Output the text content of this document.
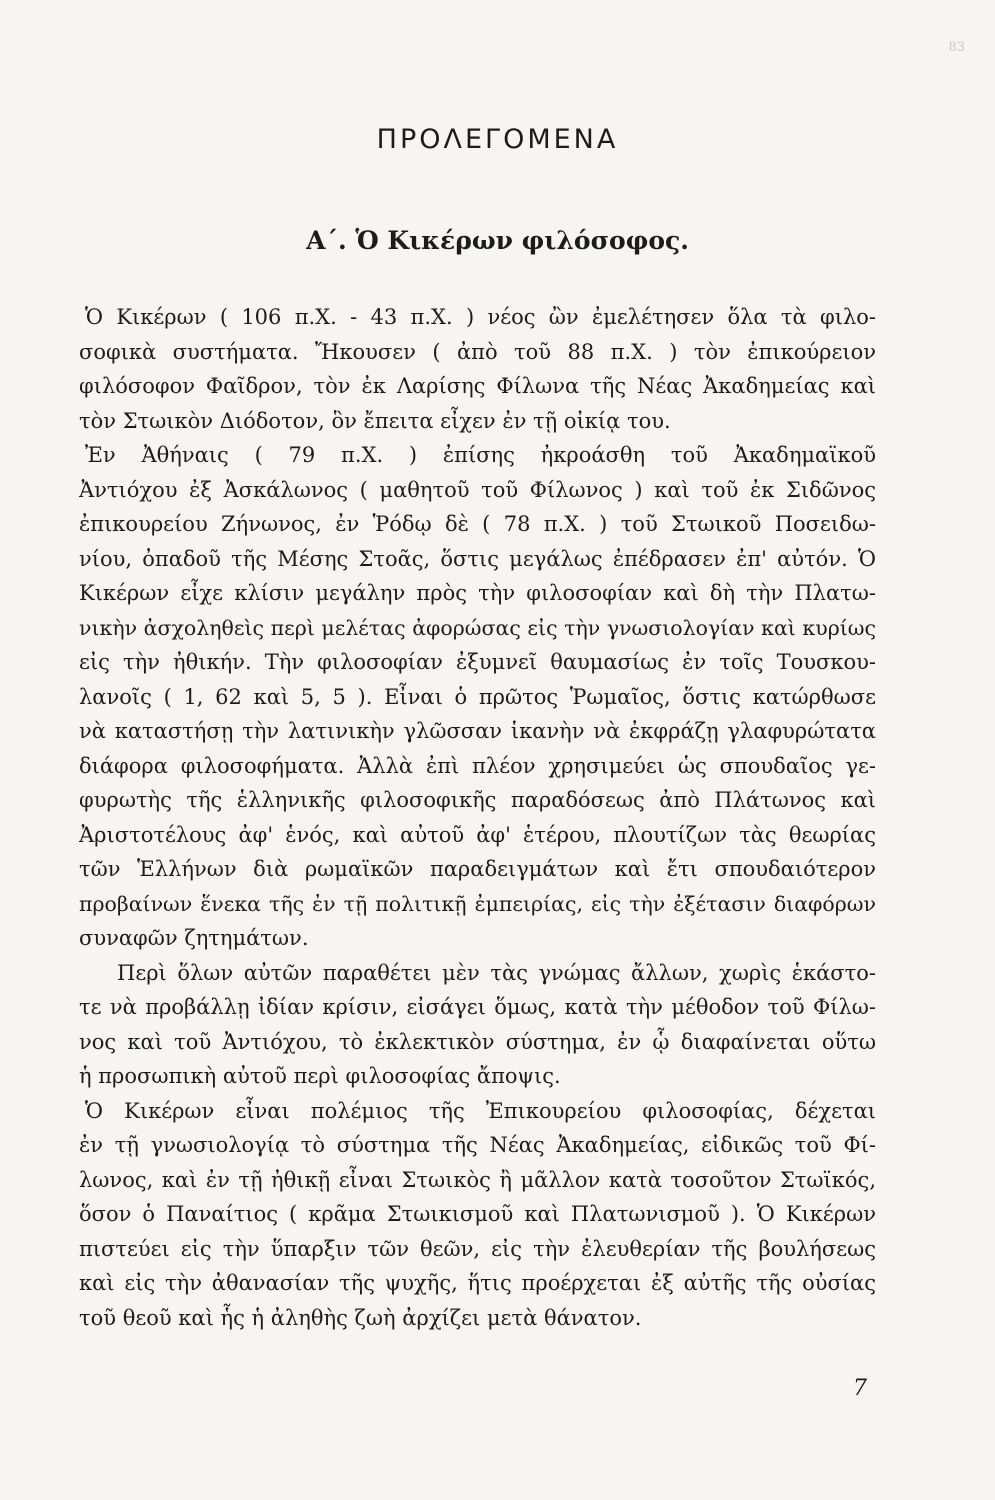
83
ΠΡΟΛΕΓΟΜΕΝΑ
Α΄. Ὁ Κικέρων φιλόσοφος.
Ὁ Κικέρων ( 106 π.Χ. - 43 π.Χ. ) νέος ὢν ἐμελέτησεν ὅλα τὰ φιλο-
σοφικὰ συστήματα. Ἤκουσεν ( ἀπὸ τοῦ 88 π.Χ. ) τὸν ἐπικούρειον
φιλόσοφον Φαῖδρον, τὸν ἐκ Λαρίσης Φίλωνα τῆς Νέας Ἀκαδημείας καὶ
τὸν Στωικὸν Διόδοτον, ὃν ἔπειτα εἶχεν ἐν τῇ οἰκίᾳ του.
Ἐν Ἀθήναις ( 79 π.Χ. ) ἐπίσης ἠκροάσθη τοῦ Ἀκαδημαϊκοῦ
Ἀντιόχου ἐξ Ἀσκάλωνος ( μαθητοῦ τοῦ Φίλωνος ) καὶ τοῦ ἐκ Σιδῶνος
ἐπικουρείου Ζήνωνος, ἐν Ῥόδῳ δὲ ( 78 π.Χ. ) τοῦ Στωικοῦ Ποσειδω-
νίου, ὀπαδοῦ τῆς Μέσης Στοᾶς, ὅστις μεγάλως ἐπέδρασεν ἐπ' αὐτόν. Ὁ
Κικέρων εἶχε κλίσιν μεγάλην πρὸς τὴν φιλοσοφίαν καὶ δὴ τὴν Πλατω-
νικὴν ἀσχοληθεὶς περὶ μελέτας ἀφορώσας εἰς τὴν γνωσιολογίαν καὶ κυρίως
εἰς τὴν ἠθικήν. Τὴν φιλοσοφίαν ἐξυμνεῖ θαυμασίως ἐν τοῖς Τουσκου-
λανοῖς ( 1, 62 καὶ 5, 5 ). Εἶναι ὁ πρῶτος Ῥωμαῖος, ὅστις κατώρθωσε
νὰ καταστήσῃ τὴν λατινικὴν γλῶσσαν ἱκανὴν νὰ ἐκφράζῃ γλαφυρώτατα
διάφορα φιλοσοφήματα. Ἀλλὰ ἐπὶ πλέον χρησιμεύει ὡς σπουδαῖος γε-
φυρωτὴς τῆς ἑλληνικῆς φιλοσοφικῆς παραδόσεως ἀπὸ Πλάτωνος καὶ
Ἀριστοτέλους ἀφ' ἑνός, καὶ αὐτοῦ ἀφ' ἑτέρου, πλουτίζων τὰς θεωρίας
τῶν Ἑλλήνων διὰ ρωμαϊκῶν παραδειγμάτων καὶ ἔτι σπουδαιότερον
προβαίνων ἕνεκα τῆς ἐν τῇ πολιτικῇ ἐμπειρίας, εἰς τὴν ἐξέτασιν διαφόρων
συναφῶν ζητημάτων.
Περὶ ὅλων αὐτῶν παραθέτει μὲν τὰς γνώμας ἄλλων, χωρὶς ἑκάστο-
τε νὰ προβάλλῃ ἰδίαν κρίσιν, εἰσάγει ὅμως, κατὰ τὴν μέθοδον τοῦ Φίλω-
νος καὶ τοῦ Ἀντιόχου, τὸ ἐκλεκτικὸν σύστημα, ἐν ᾧ διαφαίνεται οὕτω
ἡ προσωπικὴ αὐτοῦ περὶ φιλοσοφίας ἄποψις.
Ὁ Κικέρων εἶναι πολέμιος τῆς Ἐπικουρείου φιλοσοφίας, δέχεται
ἐν τῇ γνωσιολογίᾳ τὸ σύστημα τῆς Νέας Ἀκαδημείας, εἰδικῶς τοῦ Φί-
λωνος, καὶ ἐν τῇ ἠθικῇ εἶναι Στωικὸς ἢ μᾶλλον κατὰ τοσοῦτον Στωϊκός,
ὅσον ὁ Παναίτιος ( κρᾶμα Στωικισμοῦ καὶ Πλατωνισμοῦ ). Ὁ Κικέρων
πιστεύει εἰς τὴν ὕπαρξιν τῶν θεῶν, εἰς τὴν ἐλευθερίαν τῆς βουλήσεως
καὶ εἰς τὴν ἀθανασίαν τῆς ψυχῆς, ἥτις προέρχεται ἐξ αὐτῆς τῆς οὐσίας
τοῦ θεοῦ καὶ ἧς ἡ ἀληθὴς ζωὴ ἀρχίζει μετὰ θάνατον.
7
